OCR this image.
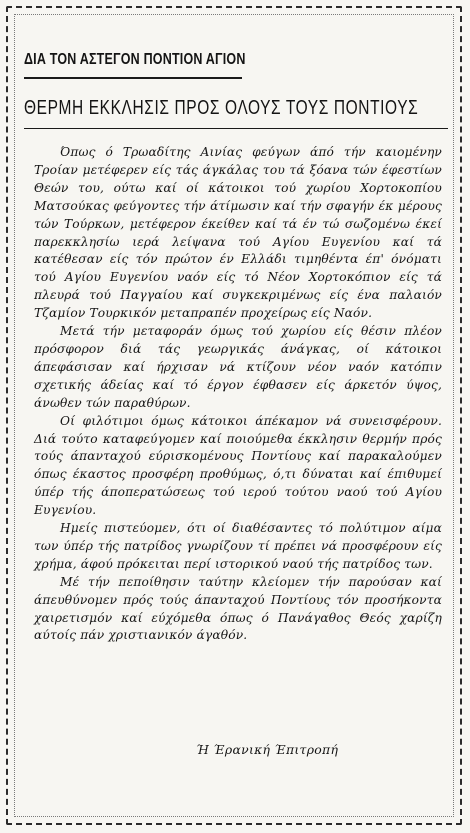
ΔΙΑ ΤΟΝ ΑΣΤΕΓΟΝ ΠΟΝΤΙΟΝ ΑΓΙΟΝ
ΘΕΡΜΗ ΕΚΚΛΗΣΙΣ ΠΡΟΣ ΟΛΟΥΣ ΤΟΥΣ ΠΟΝΤΙΟΥΣ

Όπως ό Τρωαδίτης Αινίας φεύγων άπό τήν καιομένην Τροίαν μετέφερεν είς τάς άγκάλας του τά ξόανα τών έφεστίων Θεών του, ούτω καί οί κάτοικοι τού χωρίου Χορτοκοπίου Ματσούκας φεύγοντες τήν άτίμωσιν καί τήν σφαγήν έκ μέρους τών Τούρκων, μετέφερον έκείθεν καί τά έν τώ σωζομένω έκεί παρεκκλησίω ιερά λείψανα τού Αγίου Ευγενίου καί τά κατέθεσαν είς τόν πρώτον έν Ελλάδι τιμηθέντα έπ' όνόματι τού Αγίου Ευγενίου ναόν είς τό Νέον Χορτοκόπιον είς τά πλευρά τού Παγγαίου καί συγκεκριμένως είς ένα παλαιόν Τζαμίον Τουρκικόν μεταπραπέν προχείρως είς Ναόν.

Μετά τήν μεταφοράν όμως τού χωρίου είς θέσιν πλέον πρόσφορον διά τάς γεωργικάς άνάγκας, οί κάτοικοι άπεφάσισαν καί ήρχισαν νά κτίζουν νέον ναόν κατόπιν σχετικής άδείας καί τό έργον έφθασεν είς άρκετόν ύψος, άνωθεν τών παραθύρων.

Οί φιλότιμοι όμως κάτοικοι άπέκαμον νά συνεισφέρουν. Διά τούτο καταφεύγομεν καί ποιούμεθα έκκλησιν θερμήν πρός τούς άπανταχού εύρισκομένους Ποντίους καί παρακαλούμεν όπως έκαστος προσφέρη προθύμως, ό,τι δύναται καί έπιθυμεί ύπέρ τής άποπερατώσεως τού ιερού τούτου ναού τού Αγίου Ευγενίου.

Ημείς πιστεύομεν, ότι οί διαθέσαντες τό πολύτιμον αίμα των ύπέρ τής πατρίδος γνωρίζουν τί πρέπει νά προσφέρουν είς χρήμα, άφού πρόκειται περί ιστορικού ναού τής πατρίδος των.

Μέ τήν πεποίθησιν ταύτην κλείομεν τήν παρούσαν καί άπευθύνομεν πρός τούς άπανταχού Ποντίους τόν προσήκοντα χαιρετισμόν καί εύχόμεθα όπως ό Πανάγαθος Θεός χαρίζη αύτοίς πάν χριστιανικόν άγαθόν.

Ή Έρανική Έπιτροπή
